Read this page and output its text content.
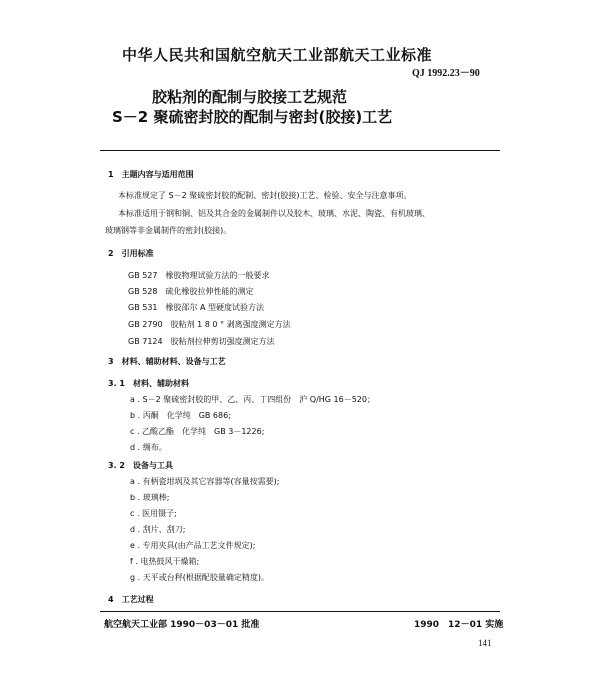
中华人民共和国航空航天工业部航天工业标准
QJ 1992.23－90
胶粘剂的配制与胶接工艺规范
S－2 聚硫密封胶的配制与密封(胶接)工艺
1　主题内容与适用范围
本标准规定了 S－2 聚硫密封胶的配制、密封(胶接)工艺、检验、安全与注意事项。
本标准适用于钢和铜、铝及其合金的金属制件以及胶木、玻璃、水泥、陶瓷、有机玻璃、
玻璃钢等非金属制件的密封(胶接)。
2　引用标准
GB 527　橡胶物理试验方法的一般要求
GB 528　硫化橡胶拉伸性能的测定
GB 531　橡胶邵尔 A 型硬度试验方法
GB 2790　胶粘剂 1 8 0 ° 剥离强度测定方法
GB 7124　胶粘剂拉伸剪切强度测定方法
3　材料、辅助材料、设备与工艺
3. 1　材料、辅助材料
a . S－2 聚硫密封胶的甲、乙、丙、丁四组份　沪 Q/HG 16－520；
b . 丙酮　化学纯　GB 686;
c . 乙酸乙酯　化学纯　GB 3－1226;
d . 绸布。
3. 2　设备与工具
a . 有柄瓷坩埚及其它容器等(容量按需要);
b . 玻璃棒;
c . 医用镊子;
d . 刮片、刮刀;
e . 专用夹具(由产品工艺文件规定);
f . 电热鼓风干燥箱;
g . 天平或台秤(根据配胶量确定精度)。
4　工艺过程
航空航天工业部 1990－03－01 批准	1990　12－01 实施
141
